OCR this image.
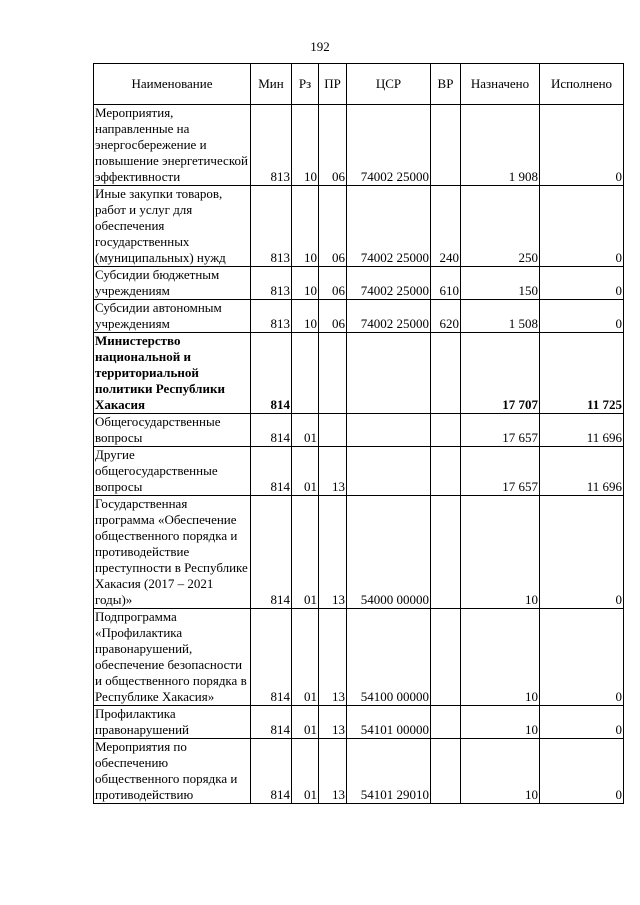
192
Наименование	Мин	Рз	ПР	ЦСР	ВР	Назначено	Исполнено
Мероприятия, направленные на энергосбережение и повышение энергетической эффективности	813	10	06	74002 25000		1 908	0
Иные закупки товаров, работ и услуг для обеспечения государственных (муниципальных) нужд	813	10	06	74002 25000	240	250	0
Субсидии бюджетным учреждениям	813	10	06	74002 25000	610	150	0
Субсидии автономным учреждениям	813	10	06	74002 25000	620	1 508	0
Министерство национальной и территориальной политики Республики Хакасия	814					17 707	11 725
Общегосударственные вопросы	814	01				17 657	11 696
Другие общегосударственные вопросы	814	01	13			17 657	11 696
Государственная программа «Обеспечение общественного порядка и противодействие преступности в Республике Хакасия (2017 – 2021 годы)»	814	01	13	54000 00000		10	0
Подпрограмма «Профилактика правонарушений, обеспечение безопасности и общественного порядка в Республике Хакасия»	814	01	13	54100 00000		10	0
Профилактика правонарушений	814	01	13	54101 00000		10	0
Мероприятия по обеспечению общественного порядка и противодействию	814	01	13	54101 29010		10	0
